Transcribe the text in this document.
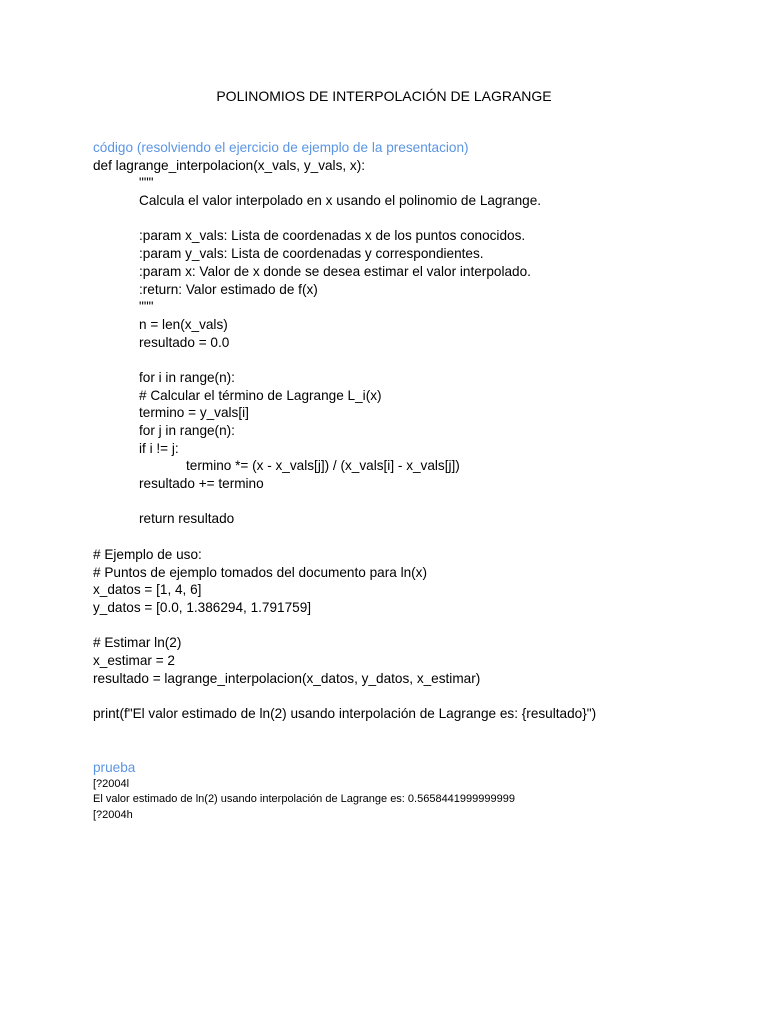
POLINOMIOS DE INTERPOLACIÓN DE LAGRANGE
código (resolviendo el ejercicio de ejemplo de la presentacion)
def lagrange_interpolacion(x_vals, y_vals, x):
"""
Calcula el valor interpolado en x usando el polinomio de Lagrange.
:param x_vals: Lista de coordenadas x de los puntos conocidos.
:param y_vals: Lista de coordenadas y correspondientes.
:param x: Valor de x donde se desea estimar el valor interpolado.
:return: Valor estimado de f(x)
"""
n = len(x_vals)
resultado = 0.0
for i in range(n):
# Calcular el término de Lagrange L_i(x)
termino = y_vals[i]
for j in range(n):
if i != j:
termino *= (x - x_vals[j]) / (x_vals[i] - x_vals[j])
resultado += termino
return resultado
# Ejemplo de uso:
# Puntos de ejemplo tomados del documento para ln(x)
x_datos = [1, 4, 6]
y_datos = [0.0, 1.386294, 1.791759]
# Estimar ln(2)
x_estimar = 2
resultado = lagrange_interpolacion(x_datos, y_datos, x_estimar)
print(f"El valor estimado de ln(2) usando interpolación de Lagrange es: {resultado}")
prueba
[?2004l
El valor estimado de ln(2) usando interpolación de Lagrange es: 0.5658441999999999
[?2004h
